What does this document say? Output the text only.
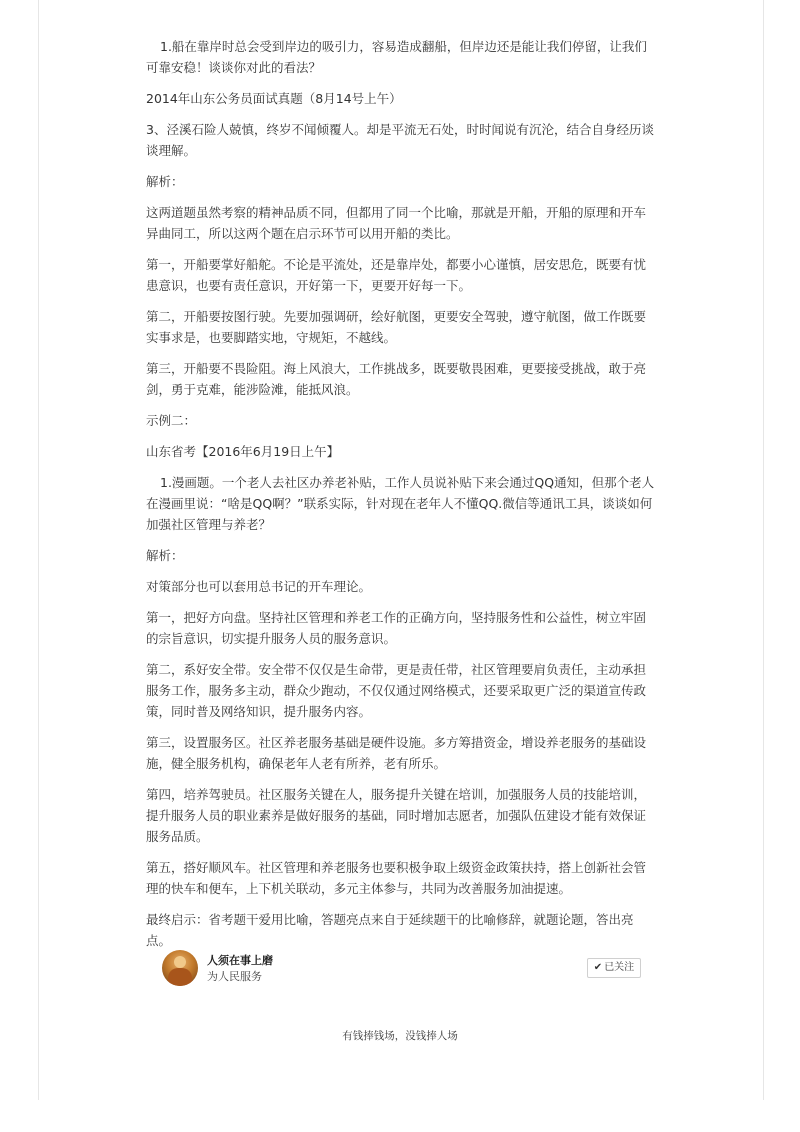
1.船在靠岸时总会受到岸边的吸引力，容易造成翻船，但岸边还是能让我们停留，让我们可靠安稳！谈谈你对此的看法？

2014年山东公务员面试真题（8月14号上午）

3、泾溪石险人兢慎，终岁不闻倾覆人。却是平流无石处，时时闻说有沉沦，结合自身经历谈谈理解。

解析：

这两道题虽然考察的精神品质不同，但都用了同一个比喻，那就是开船，开船的原理和开车异曲同工，所以这两个题在启示环节可以用开船的类比。

第一，开船要掌好船舵。不论是平流处，还是靠岸处，都要小心谨慎，居安思危，既要有忧患意识，也要有责任意识，开好第一下，更要开好每一下。

第二，开船要按图行驶。先要加强调研，绘好航图，更要安全驾驶，遵守航图，做工作既要实事求是，也要脚踏实地，守规矩，不越线。

第三，开船要不畏险阻。海上风浪大，工作挑战多，既要敬畏困难，更要接受挑战，敢于亮剑，勇于克难，能涉险滩，能抵风浪。

示例二：

山东省考【2016年6月19日上午】

1.漫画题。一个老人去社区办养老补贴，工作人员说补贴下来会通过QQ通知，但那个老人在漫画里说：“啥是QQ啊？”联系实际，针对现在老年人不懂QQ.微信等通讯工具，谈谈如何加强社区管理与养老？

解析：

对策部分也可以套用总书记的开车理论。

第一，把好方向盘。坚持社区管理和养老工作的正确方向，坚持服务性和公益性，树立牢固的宗旨意识，切实提升服务人员的服务意识。

第二，系好安全带。安全带不仅仅是生命带，更是责任带，社区管理要肩负责任，主动承担服务工作，服务多主动，群众少跑动，不仅仅通过网络模式，还要采取更广泛的渠道宣传政策，同时普及网络知识，提升服务内容。

第三，设置服务区。社区养老服务基础是硬件设施。多方筹措资金，增设养老服务的基础设施，健全服务机构，确保老年人老有所养，老有所乐。

第四，培养驾驶员。社区服务关键在人，服务提升关键在培训，加强服务人员的技能培训，提升服务人员的职业素养是做好服务的基础，同时增加志愿者，加强队伍建设才能有效保证服务品质。

第五，搭好顺风车。社区管理和养老服务也要积极争取上级资金政策扶持，搭上创新社会管理的快车和便车，上下机关联动，多元主体参与，共同为改善服务加油提速。

最终启示：省考题干爱用比喻，答题亮点来自于延续题干的比喻修辞，就题论题，答出亮点。

人须在事上磨
为人民服务
✔ 已关注
有钱捧钱场，没钱捧人场
